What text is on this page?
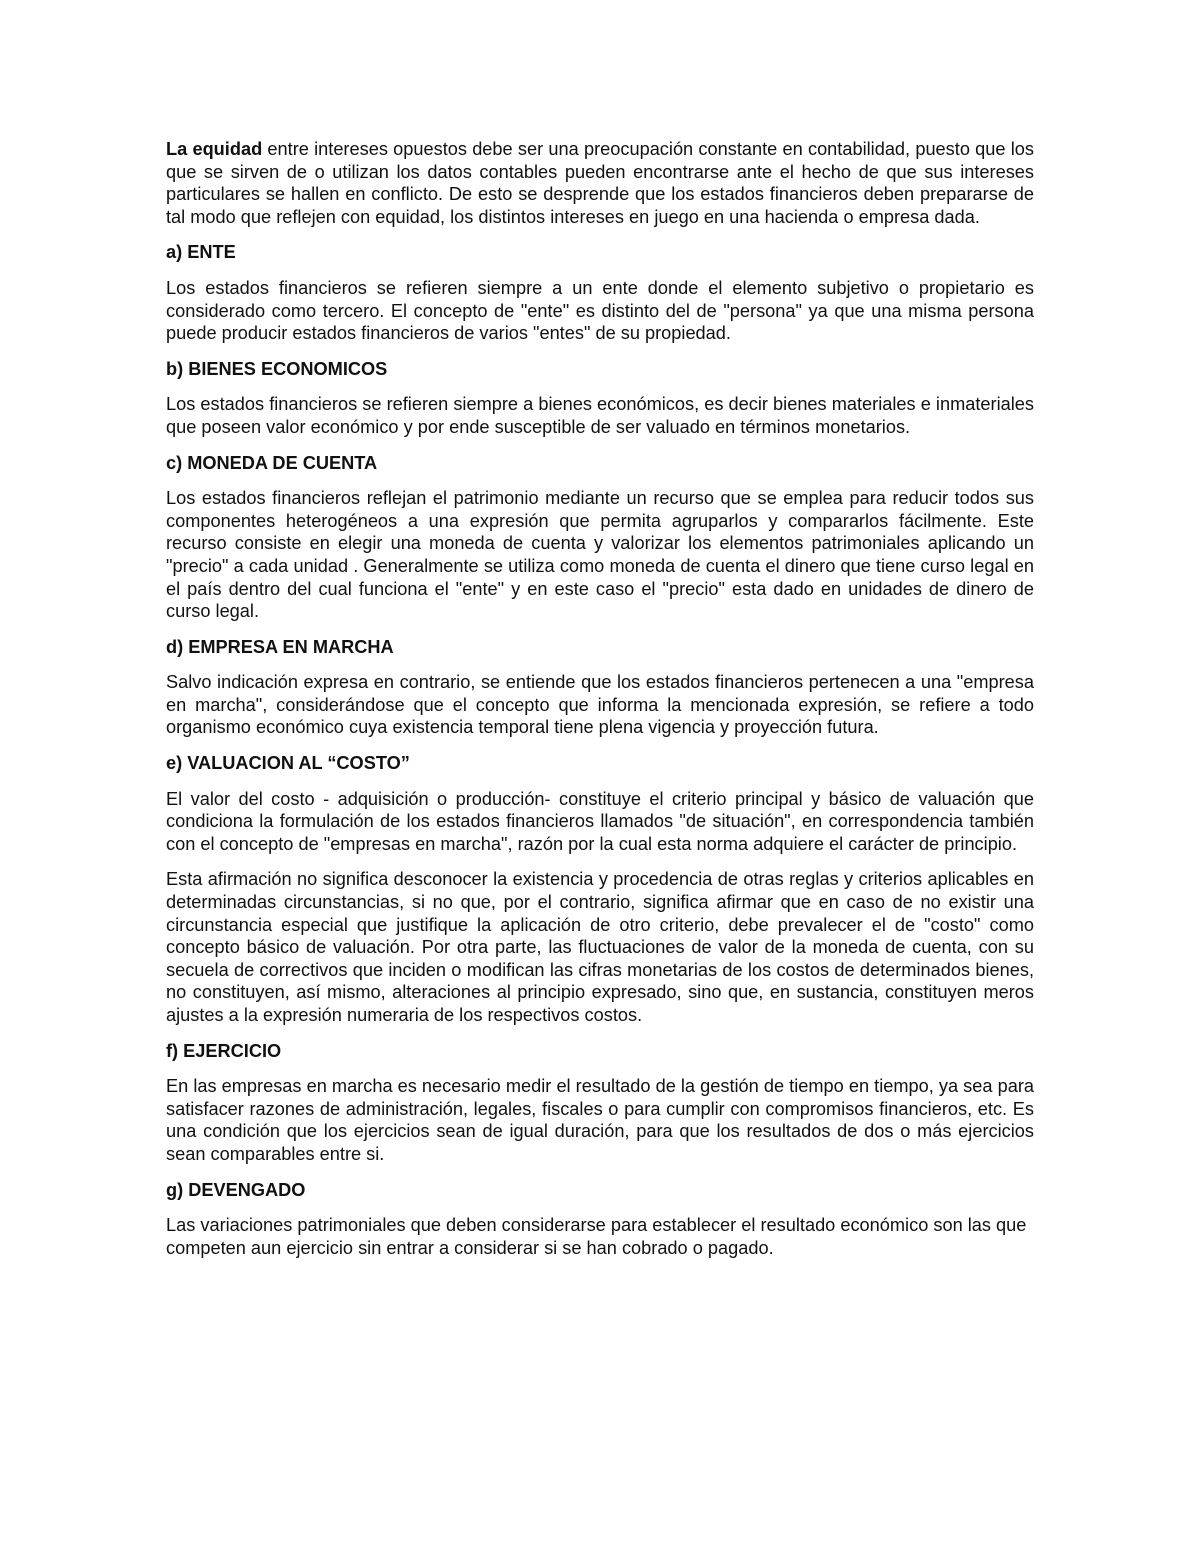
La equidad entre intereses opuestos debe ser una preocupación constante en contabilidad, puesto que los que se sirven de o utilizan los datos contables pueden encontrarse ante el hecho de que sus intereses particulares se hallen en conflicto. De esto se desprende que los estados financieros deben prepararse de tal modo que reflejen con equidad, los distintos intereses en juego en una hacienda o empresa dada.

a) ENTE

Los estados financieros se refieren siempre a un ente donde el elemento subjetivo o propietario es considerado como tercero. El concepto de "ente" es distinto del de "persona" ya que una misma persona puede producir estados financieros de varios "entes" de su propiedad.

b) BIENES ECONOMICOS

Los estados financieros se refieren siempre a bienes económicos, es decir bienes materiales e inmateriales que poseen valor económico y por ende susceptible de ser valuado en términos monetarios.

c) MONEDA DE CUENTA

Los estados financieros reflejan el patrimonio mediante un recurso que se emplea para reducir todos sus componentes heterogéneos a una expresión que permita agruparlos y compararlos fácilmente. Este recurso consiste en elegir una moneda de cuenta y valorizar los elementos patrimoniales aplicando un "precio" a cada unidad . Generalmente se utiliza como moneda de cuenta el dinero que tiene curso legal en el país dentro del cual funciona el "ente" y en este caso el "precio" esta dado en unidades de dinero de curso legal.

d) EMPRESA EN MARCHA

Salvo indicación expresa en contrario, se entiende que los estados financieros pertenecen a una "empresa en marcha", considerándose que el concepto que informa la mencionada expresión, se refiere a todo organismo económico cuya existencia temporal tiene plena vigencia y proyección futura.

e) VALUACION AL “COSTO”

El valor del costo - adquisición o producción- constituye el criterio principal y básico de valuación que condiciona la formulación de los estados financieros llamados "de situación", en correspondencia también con el concepto de "empresas en marcha", razón por la cual esta norma adquiere el carácter de principio.

Esta afirmación no significa desconocer la existencia y procedencia de otras reglas y criterios aplicables en determinadas circunstancias, si no que, por el contrario, significa afirmar que en caso de no existir una circunstancia especial que justifique la aplicación de otro criterio, debe prevalecer el de "costo" como concepto básico de valuación. Por otra parte, las fluctuaciones de valor de la moneda de cuenta, con su secuela de correctivos que inciden o modifican las cifras monetarias de los costos de determinados bienes, no constituyen, así mismo, alteraciones al principio expresado, sino que, en sustancia, constituyen meros ajustes a la expresión numeraria de los respectivos costos.

f) EJERCICIO

En las empresas en marcha es necesario medir el resultado de la gestión de tiempo en tiempo, ya sea para satisfacer razones de administración, legales, fiscales o para cumplir con compromisos financieros, etc. Es una condición que los ejercicios sean de igual duración, para que los resultados de dos o más ejercicios sean comparables entre si.

g) DEVENGADO

Las variaciones patrimoniales que deben considerarse para establecer el resultado económico son las que competen aun ejercicio sin entrar a considerar si se han cobrado o pagado.
